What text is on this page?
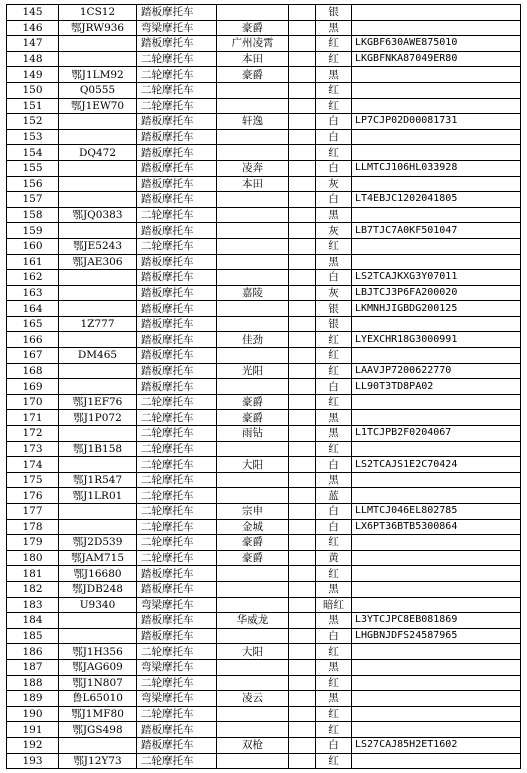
145	1CS12	踏板摩托车			银	
146	鄂JRW936	弯梁摩托车	豪爵		黑	
147		踏板摩托车	广州凌霄		红	LKGBF630AWE875010
148		二轮摩托车	本田		红	LKGBFNKA87049ER80
149	鄂J1LM92	二轮摩托车	豪爵		黑	
150	Q0555	二轮摩托车			红	
151	鄂J1EW70	二轮摩托车			红	
152		踏板摩托车	轩逸		白	LP7CJP02D00081731
153		踏板摩托车			白	
154	DQ472	踏板摩托车			红	
155		踏板摩托车	凌奔		白	LLMTCJ106HL033928
156		踏板摩托车	本田		灰	
157		踏板摩托车			白	LT4EBJC1202041805
158	鄂JQ0383	二轮摩托车			黑	
159		踏板摩托车			灰	LB7TJC7A0KF501047
160	鄂JE5243	二轮摩托车			红	
161	鄂JAE306	踏板摩托车			黑	
162		踏板摩托车			白	LS2TCAJKXG3Y07011
163		踏板摩托车	嘉陵		灰	LBJTCJ3P6FA200020
164		踏板摩托车			银	LKMNHJIGBDG200125
165	1Z777	踏板摩托车			银	
166		踏板摩托车	佳劲		红	LYEXCHR18G3000991
167	DM465	踏板摩托车			红	
168		踏板摩托车	光阳		红	LAAVJP7200622770
169		踏板摩托车			白	LL90T3TD8PA02
170	鄂J1EF76	二轮摩托车	豪爵		红	
171	鄂J1P072	二轮摩托车	豪爵		黑	
172		二轮摩托车	雨钻		黑	L1TCJPB2F0204067
173	鄂J1B158	二轮摩托车			红	
174		二轮摩托车	大阳		白	LS2TCAJS1E2C70424
175	鄂J1R547	二轮摩托车			黑	
176	鄂J1LR01	二轮摩托车			蓝	
177		二轮摩托车	宗申		白	LLMTCJ046EL802785
178		二轮摩托车	金城		白	LX6PT36BTB5300864
179	鄂J2D539	二轮摩托车	豪爵		红	
180	鄂JAM715	二轮摩托车	豪爵		黄	
181	鄂J16680	踏板摩托车			红	
182	鄂JDB248	踏板摩托车			黑	
183	U9340	弯梁摩托车			暗红	
184		踏板摩托车	华威龙		黑	L3YTCJPC8EB081869
185		踏板摩托车			白	LHGBNJDFS24587965
186	鄂J1H356	二轮摩托车	大阳		红	
187	鄂JAG609	弯梁摩托车			黑	
188	鄂J1N807	二轮摩托车			红	
189	鲁L65010	弯梁摩托车	凌云		黑	
190	鄂J1MF80	二轮摩托车			红	
191	鄂JGS498	踏板摩托车			红	
192		踏板摩托车	双枪		白	LS27CAJ85H2ET1602
193	鄂J12Y73	二轮摩托车			红	
